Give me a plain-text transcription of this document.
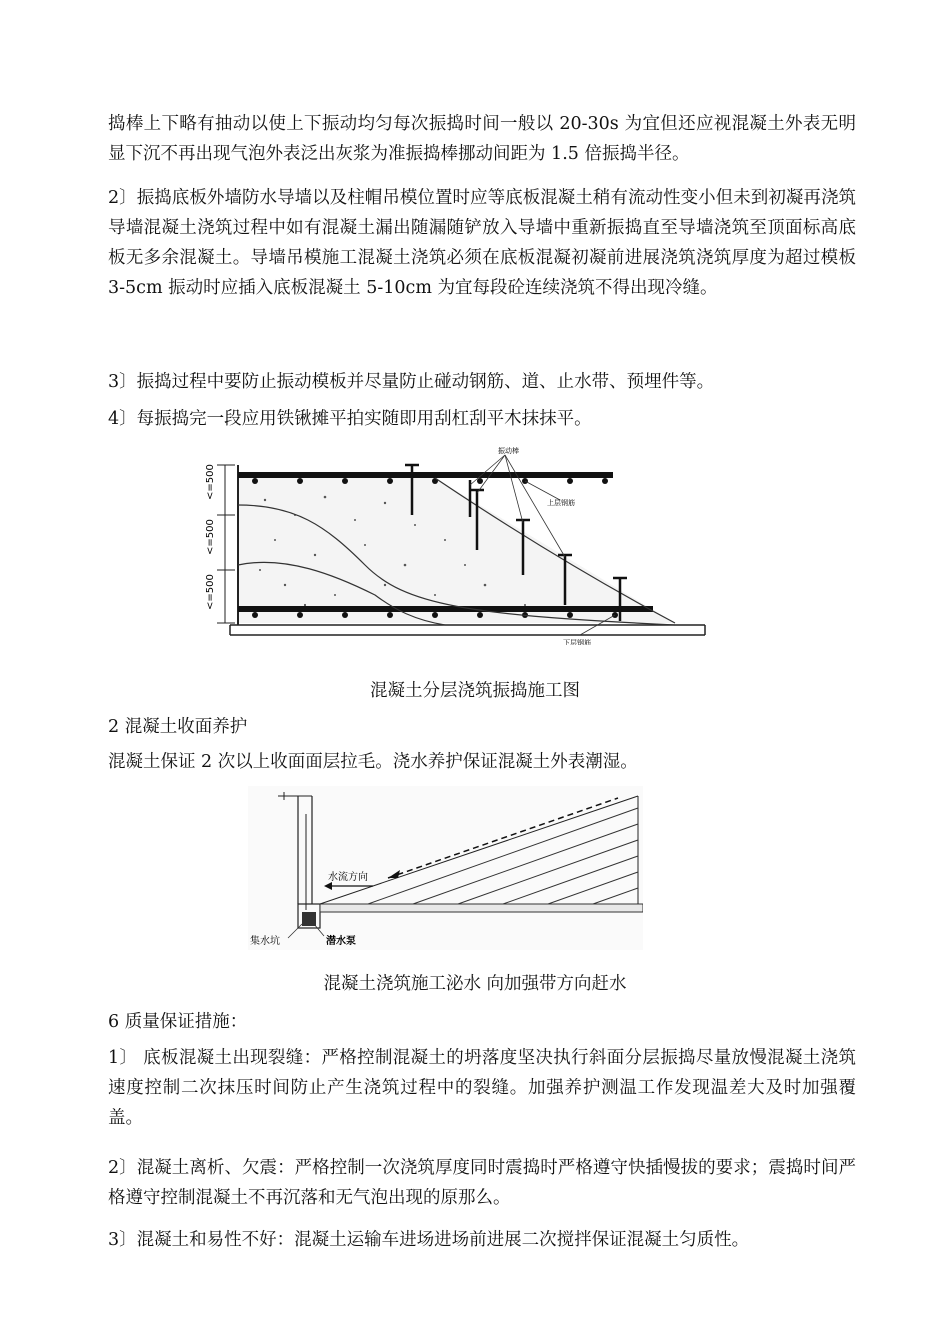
捣棒上下略有抽动以使上下振动均匀每次振捣时间一般以 20-30s 为宜但还应视混凝土外表无明显下沉不再出现气泡外表泛出灰浆为准振捣棒挪动间距为 1.5 倍振捣半径。

2〕振捣底板外墙防水导墙以及柱帽吊模位置时应等底板混凝土稍有流动性变小但未到初凝再浇筑导墙混凝土浇筑过程中如有混凝土漏出随漏随铲放入导墙中重新振捣直至导墙浇筑至顶面标高底板无多余混凝土。导墙吊模施工混凝土浇筑必须在底板混凝初凝前进展浇筑浇筑厚度为超过模板 3-5cm 振动时应插入底板混凝土 5-10cm 为宜每段砼连续浇筑不得出现冷缝。

3〕振捣过程中要防止振动模板并尽量防止碰动钢筋、道、止水带、预埋件等。

4〕每振捣完一段应用铁锹摊平拍实随即用刮杠刮平木抹抹平。

<=500
<=500
<=500
振动棒
上层钢筋
下层钢筋

混凝土分层浇筑振捣施工图

2 混凝土收面养护

混凝土保证 2 次以上收面面层拉毛。浇水养护保证混凝土外表潮湿。

水流方向
集水坑	潜水泵

混凝土浇筑施工泌水 向加强带方向赶水

6 质量保证措施：

1〕 底板混凝土出现裂缝：严格控制混凝土的坍落度坚决执行斜面分层振捣尽量放慢混凝土浇筑速度控制二次抹压时间防止产生浇筑过程中的裂缝。加强养护测温工作发现温差大及时加强覆盖。

2〕混凝土离析、欠震：严格控制一次浇筑厚度同时震捣时严格遵守快插慢拔的要求；震捣时间严格遵守控制混凝土不再沉落和无气泡出现的原那么。

3〕混凝土和易性不好：混凝土运输车进场进场前进展二次搅拌保证混凝土匀质性。
